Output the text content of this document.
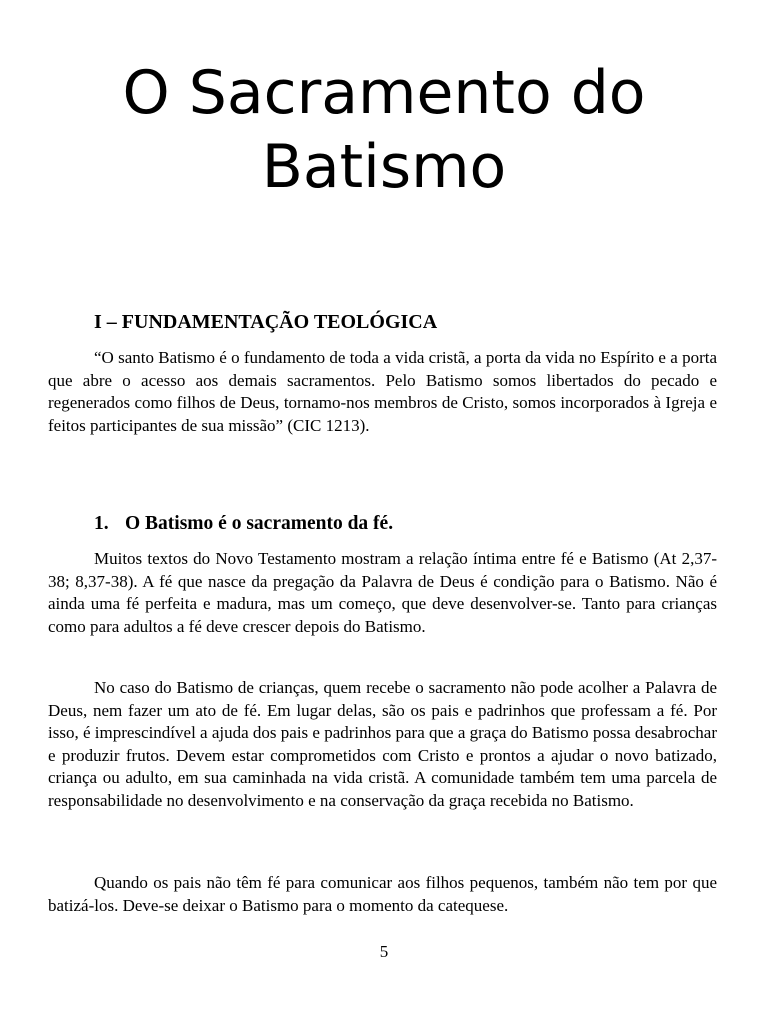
O Sacramento do Batismo
I – FUNDAMENTAÇÃO TEOLÓGICA

“O santo Batismo é o fundamento de toda a vida cristã, a porta da vida no Espírito e a porta que abre o acesso aos demais sacramentos. Pelo Batismo somos libertados do pecado e regenerados como filhos de Deus, tornamo-nos membros de Cristo, somos incorporados à Igreja e feitos participantes de sua missão” (CIC 1213).

1. O Batismo é o sacramento da fé.

Muitos textos do Novo Testamento mostram a relação íntima entre fé e Batismo (At 2,37-38; 8,37-38). A fé que nasce da pregação da Palavra de Deus é condição para o Batismo. Não é ainda uma fé perfeita e madura, mas um começo, que deve desenvolver-se. Tanto para crianças como para adultos a fé deve crescer depois do Batismo.

No caso do Batismo de crianças, quem recebe o sacramento não pode acolher a Palavra de Deus, nem fazer um ato de fé. Em lugar delas, são os pais e padrinhos que professam a fé. Por isso, é imprescindível a ajuda dos pais e padrinhos para que a graça do Batismo possa desabrochar e produzir frutos. Devem estar comprometidos com Cristo e prontos a ajudar o novo batizado, criança ou adulto, em sua caminhada na vida cristã. A comunidade também tem uma parcela de responsabilidade no desenvolvimento e na conservação da graça recebida no Batismo.

Quando os pais não têm fé para comunicar aos filhos pequenos, também não tem por que batizá-los. Deve-se deixar o Batismo para o momento da catequese.

5
